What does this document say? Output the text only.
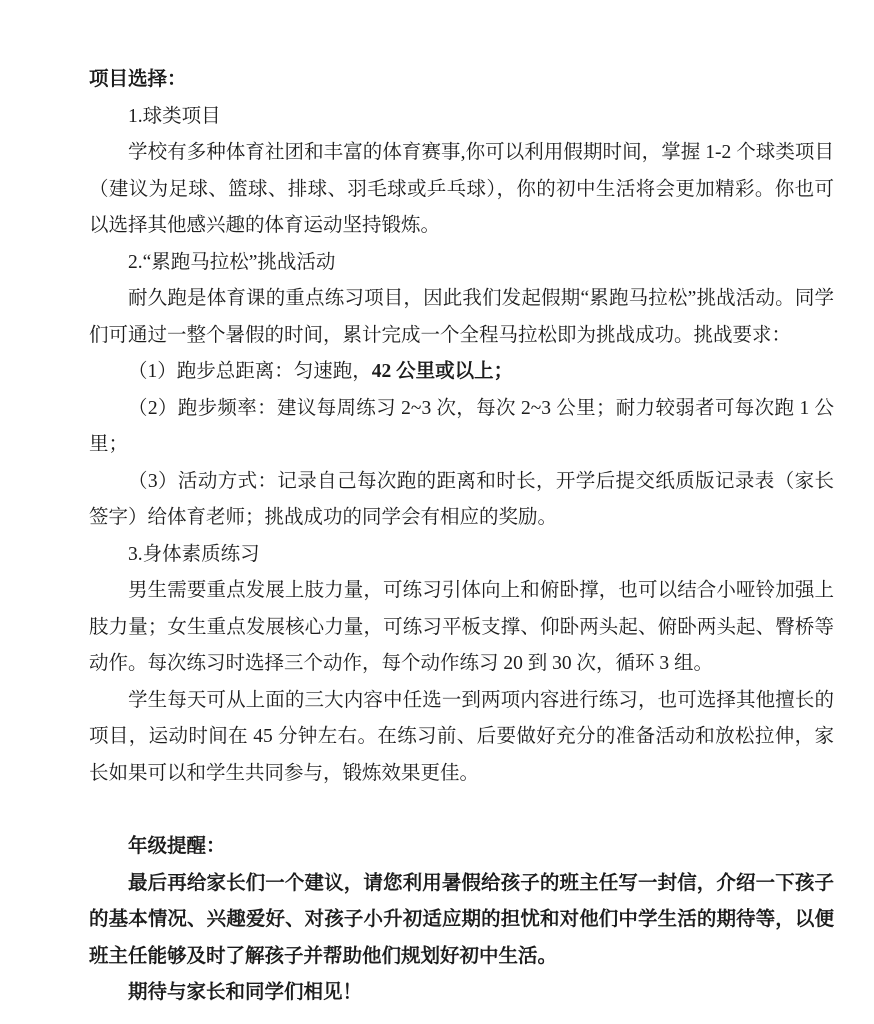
项目选择：

1.球类项目

学校有多种体育社团和丰富的体育赛事,你可以利用假期时间，掌握 1-2 个球类项目（建议为足球、篮球、排球、羽毛球或乒乓球），你的初中生活将会更加精彩。你也可以选择其他感兴趣的体育运动坚持锻炼。

2.“累跑马拉松”挑战活动

耐久跑是体育课的重点练习项目，因此我们发起假期“累跑马拉松”挑战活动。同学们可通过一整个暑假的时间，累计完成一个全程马拉松即为挑战成功。挑战要求：

（1）跑步总距离：匀速跑，42 公里或以上；

（2）跑步频率：建议每周练习 2~3 次，每次 2~3 公里；耐力较弱者可每次跑 1 公里；

（3）活动方式：记录自己每次跑的距离和时长，开学后提交纸质版记录表（家长签字）给体育老师；挑战成功的同学会有相应的奖励。

3.身体素质练习

男生需要重点发展上肢力量，可练习引体向上和俯卧撑，也可以结合小哑铃加强上肢力量；女生重点发展核心力量，可练习平板支撑、仰卧两头起、俯卧两头起、臀桥等动作。每次练习时选择三个动作，每个动作练习 20 到 30 次，循环 3 组。

学生每天可从上面的三大内容中任选一到两项内容进行练习，也可选择其他擅长的项目，运动时间在 45 分钟左右。在练习前、后要做好充分的准备活动和放松拉伸，家长如果可以和学生共同参与，锻炼效果更佳。

年级提醒：

最后再给家长们一个建议，请您利用暑假给孩子的班主任写一封信，介绍一下孩子的基本情况、兴趣爱好、对孩子小升初适应期的担忧和对他们中学生活的期待等，以便班主任能够及时了解孩子并帮助他们规划好初中生活。

期待与家长和同学们相见！
